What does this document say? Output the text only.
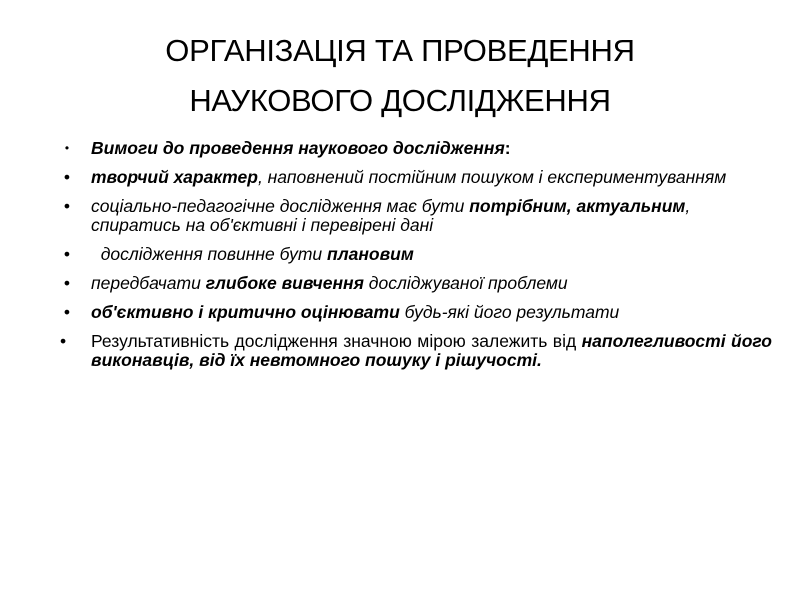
ОРГАНІЗАЦІЯ ТА ПРОВЕДЕННЯ
НАУКОВОГО ДОСЛІДЖЕННЯ
• Вимоги до проведення наукового дослідження:
• творчий характер, наповнений постійним пошуком і експериментуванням
• соціально-педагогічне дослідження має бути потрібним, актуальним, спиратись на об'єктивні і перевірені дані
• дослідження повинне бути плановим
• передбачати глибоке вивчення досліджуваної проблеми
• об'єктивно і критично оцінювати будь-які його результати
•	Результативність дослідження значною мірою залежить від наполегливості його виконавців, від їх невтомного пошуку і рішучості.
